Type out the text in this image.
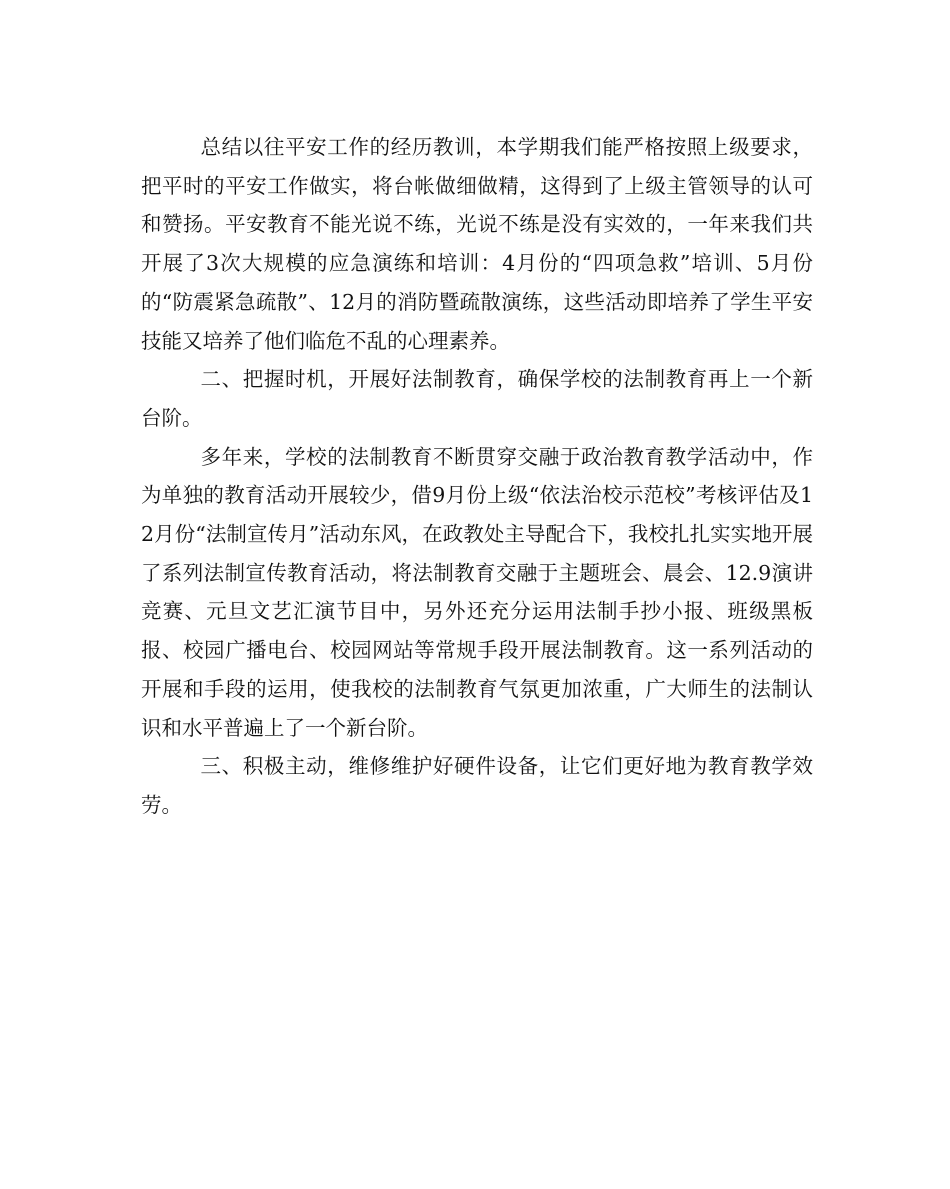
总结以往平安工作的经历教训，本学期我们能严格按照上级要求，把平时的平安工作做实，将台帐做细做精，这得到了上级主管领导的认可和赞扬。平安教育不能光说不练，光说不练是没有实效的，一年来我们共开展了3次大规模的应急演练和培训：4月份的“四项急救”培训、5月份的“防震紧急疏散”、12月的消防暨疏散演练，这些活动即培养了学生平安技能又培养了他们临危不乱的心理素养。

二、把握时机，开展好法制教育，确保学校的法制教育再上一个新台阶。

多年来，学校的法制教育不断贯穿交融于政治教育教学活动中，作为单独的教育活动开展较少，借9月份上级“依法治校示范校”考核评估及12月份“法制宣传月”活动东风，在政教处主导配合下，我校扎扎实实地开展了系列法制宣传教育活动，将法制教育交融于主题班会、晨会、12.9演讲竞赛、元旦文艺汇演节目中，另外还充分运用法制手抄小报、班级黑板报、校园广播电台、校园网站等常规手段开展法制教育。这一系列活动的开展和手段的运用，使我校的法制教育气氛更加浓重，广大师生的法制认识和水平普遍上了一个新台阶。

三、积极主动，维修维护好硬件设备，让它们更好地为教育教学效劳。
